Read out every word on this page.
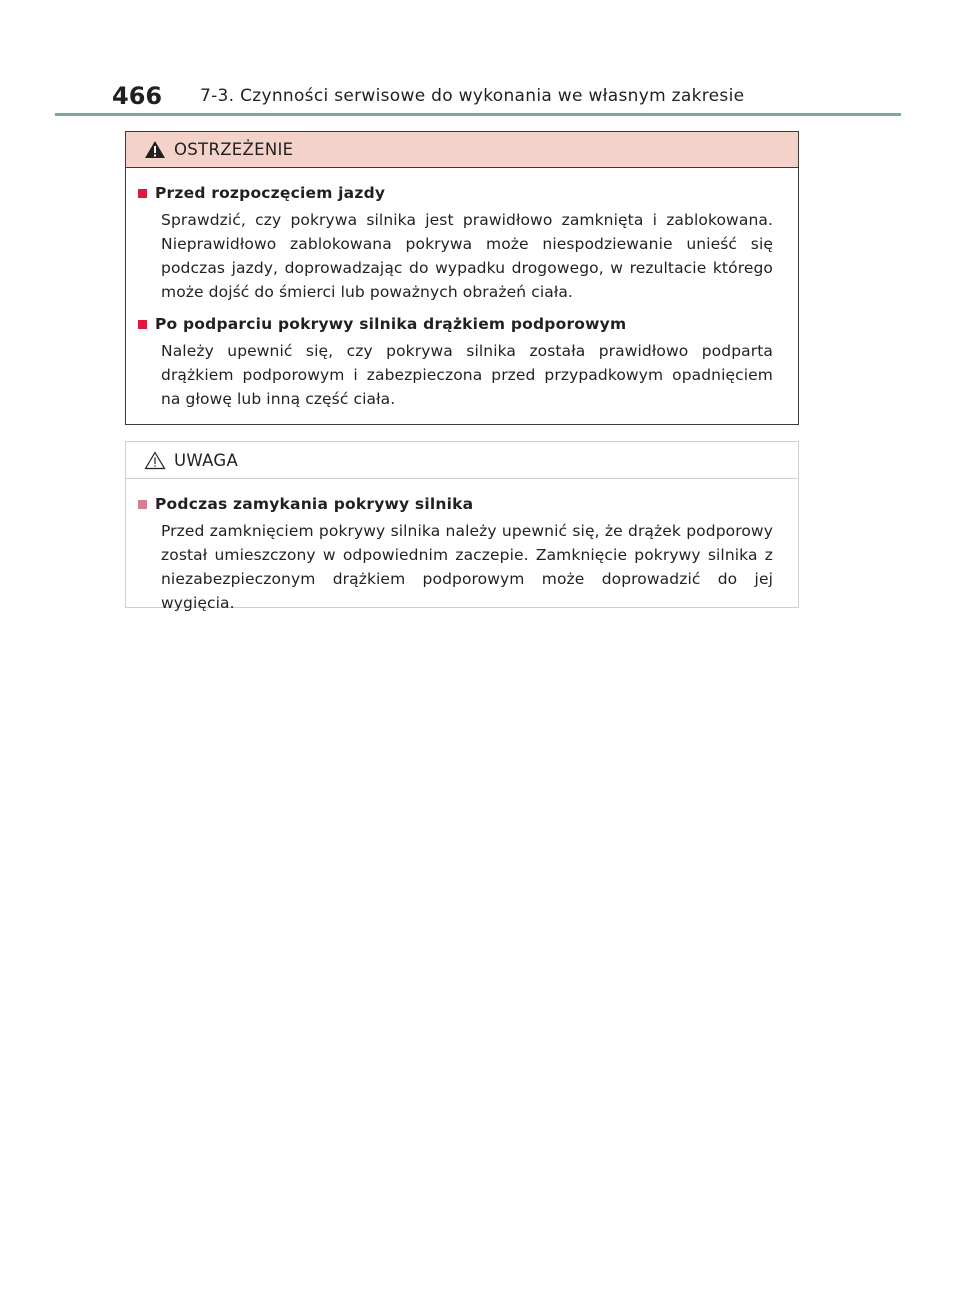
466 7-3. Czynności serwisowe do wykonania we własnym zakresie
OSTRZEŻENIE
Przed rozpoczęciem jazdy
Sprawdzić, czy pokrywa silnika jest prawidłowo zamknięta i zablokowana. Nieprawidłowo zablokowana pokrywa może niespodziewanie unieść się podczas jazdy, doprowadzając do wypadku drogowego, w rezultacie którego może dojść do śmierci lub poważnych obrażeń ciała.
Po podparciu pokrywy silnika drążkiem podporowym
Należy upewnić się, czy pokrywa silnika została prawidłowo podparta drążkiem podporowym i zabezpieczona przed przypadkowym opadnięciem na głowę lub inną część ciała.
UWAGA
Podczas zamykania pokrywy silnika
Przed zamknięciem pokrywy silnika należy upewnić się, że drążek podporowy został umieszczony w odpowiednim zaczepie. Zamknięcie pokrywy silnika z niezabezpieczonym drążkiem podporowym może doprowadzić do jej wygięcia.
